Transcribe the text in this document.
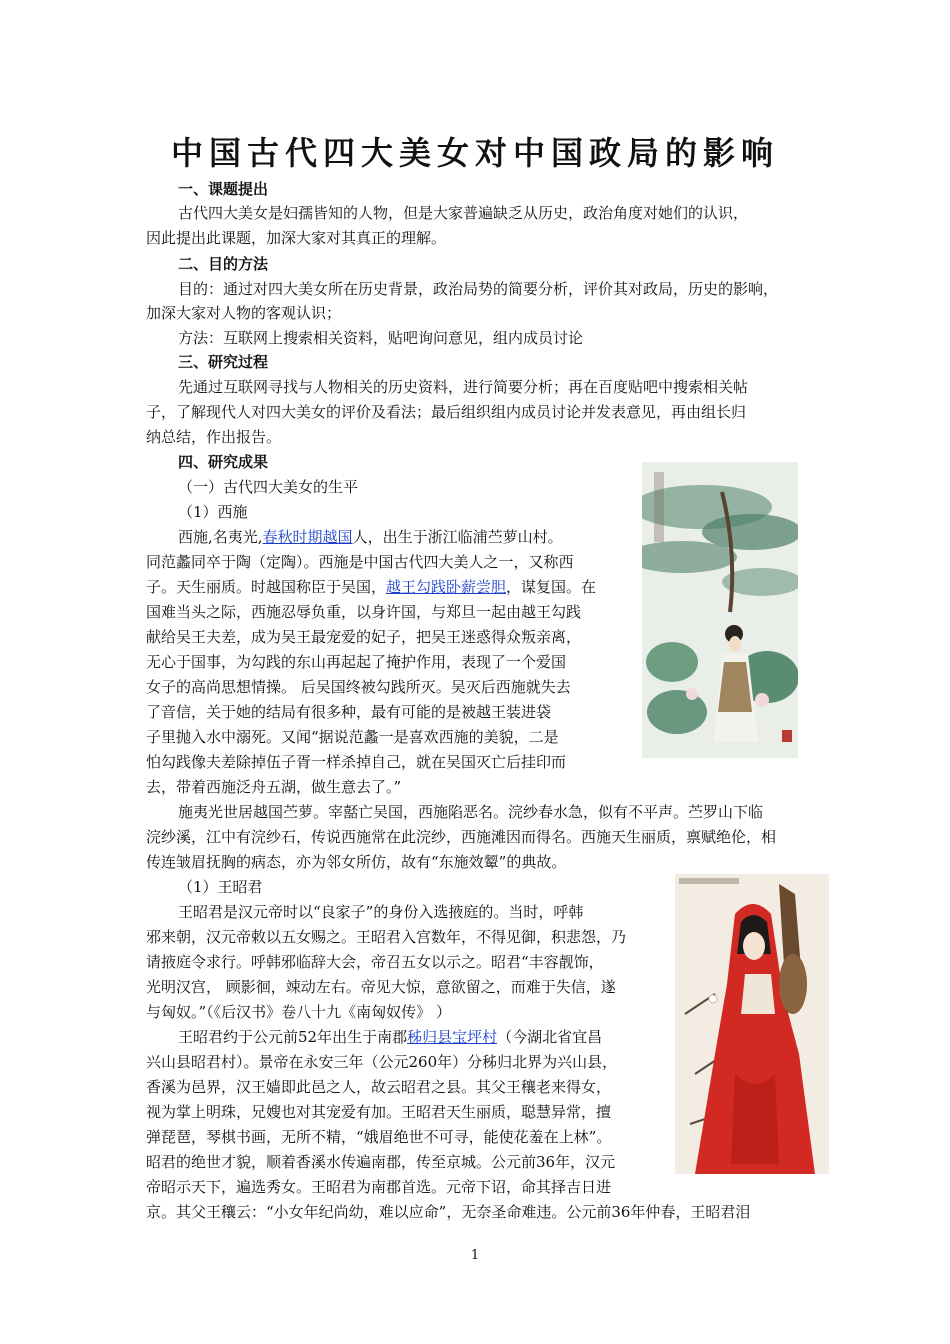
中国古代四大美女对中国政局的影响
一、课题提出
古代四大美女是妇孺皆知的人物，但是大家普遍缺乏从历史，政治角度对她们的认识，
因此提出此课题，加深大家对其真正的理解。
二、目的方法
目的：通过对四大美女所在历史背景，政治局势的简要分析，评价其对政局，历史的影响，
加深大家对人物的客观认识；
方法：互联网上搜索相关资料，贴吧询问意见，组内成员讨论
三、研究过程
先通过互联网寻找与人物相关的历史资料，进行简要分析；再在百度贴吧中搜索相关帖
子，了解现代人对四大美女的评价及看法；最后组织组内成员讨论并发表意见，再由组长归
纳总结，作出报告。
四、研究成果
（一）古代四大美女的生平
（1）西施
西施,名夷光,春秋时期越国人，出生于浙江临浦苎萝山村。
同范蠡同卒于陶（定陶）。西施是中国古代四大美人之一，又称西
子。天生丽质。时越国称臣于吴国，越王勾践卧薪尝胆，谋复国。在
国难当头之际，西施忍辱负重，以身许国，与郑旦一起由越王勾践
献给吴王夫差，成为吴王最宠爱的妃子，把吴王迷惑得众叛亲离，
无心于国事，为勾践的东山再起起了掩护作用，表现了一个爱国
女子的高尚思想情操。 后吴国终被勾践所灭。吴灭后西施就失去
了音信，关于她的结局有很多种，最有可能的是被越王装进袋
子里抛入水中溺死。又闻“据说范蠡一是喜欢西施的美貌，二是
怕勾践像夫差除掉伍子胥一样杀掉自己，就在吴国灭亡后挂印而
去，带着西施泛舟五湖，做生意去了。”
施夷光世居越国苎萝。宰嚭亡吴国，西施陷恶名。浣纱春水急，似有不平声。苎罗山下临
浣纱溪，江中有浣纱石，传说西施常在此浣纱，西施滩因而得名。西施天生丽质，禀赋绝伦，相
传连皱眉抚胸的病态，亦为邻女所仿，故有“东施效颦”的典故。
（1）王昭君
王昭君是汉元帝时以“良家子”的身份入选掖庭的。当时，呼韩
邪来朝，汉元帝敕以五女赐之。王昭君入宫数年，不得见御，积悲怨，乃
请掖庭令求行。呼韩邪临辞大会，帝召五女以示之。昭君“丰容靓饰，
光明汉宫， 顾影徊，竦动左右。帝见大惊，意欲留之，而难于失信，遂
与匈奴。”（《后汉书》卷八十九《南匈奴传》 ）
王昭君约于公元前52年出生于南郡秭归县宝坪村（今湖北省宜昌
兴山县昭君村）。景帝在永安三年（公元260年）分秭归北界为兴山县，
香溪为邑界，汉王嫱即此邑之人，故云昭君之县。其父王穰老来得女，
视为掌上明珠，兄嫂也对其宠爱有加。王昭君天生丽质，聪慧异常，擅
弹琵琶，琴棋书画，无所不精，“娥眉绝世不可寻，能使花羞在上林”。
昭君的绝世才貌，顺着香溪水传遍南郡，传至京城。公元前36年，汉元
帝昭示天下，遍选秀女。王昭君为南郡首选。元帝下诏，命其择吉日进
京。其父王穰云：“小女年纪尚幼，难以应命”，无奈圣命难违。公元前36年仲春，王昭君泪
1
